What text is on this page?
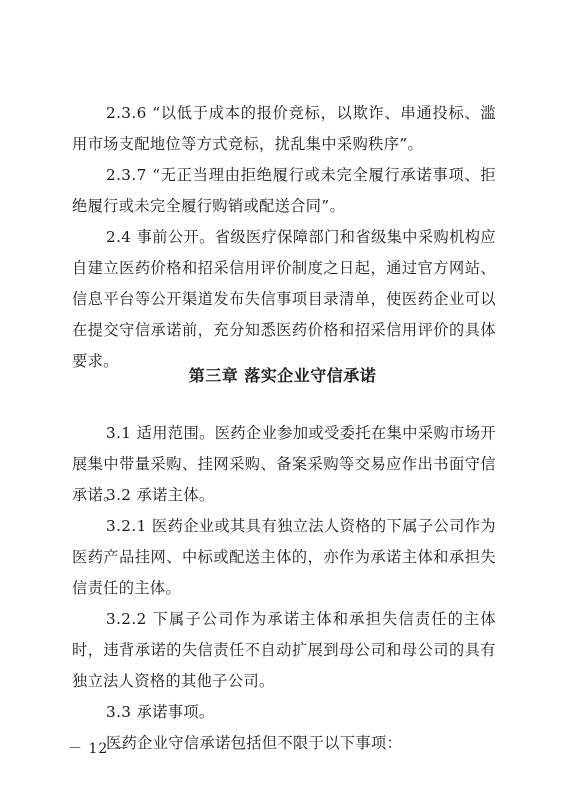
2.3.6 “以低于成本的报价竞标，以欺诈、串通投标、滥用市场支配地位等方式竞标，扰乱集中采购秩序”。

2.3.7 “无正当理由拒绝履行或未完全履行承诺事项、拒绝履行或未完全履行购销或配送合同”。

2.4 事前公开。省级医疗保障部门和省级集中采购机构应自建立医药价格和招采信用评价制度之日起，通过官方网站、信息平台等公开渠道发布失信事项目录清单，使医药企业可以在提交守信承诺前，充分知悉医药价格和招采信用评价的具体要求。

第三章 落实企业守信承诺

3.1 适用范围。医药企业参加或受委托在集中采购市场开展集中带量采购、挂网采购、备案采购等交易应作出书面守信承诺。

3.2 承诺主体。

3.2.1 医药企业或其具有独立法人资格的下属子公司作为医药产品挂网、中标或配送主体的，亦作为承诺主体和承担失信责任的主体。

3.2.2 下属子公司作为承诺主体和承担失信责任的主体时，违背承诺的失信责任不自动扩展到母公司和母公司的具有独立法人资格的其他子公司。

3.3 承诺事项。

医药企业守信承诺包括但不限于以下事项：

－ 12 －
